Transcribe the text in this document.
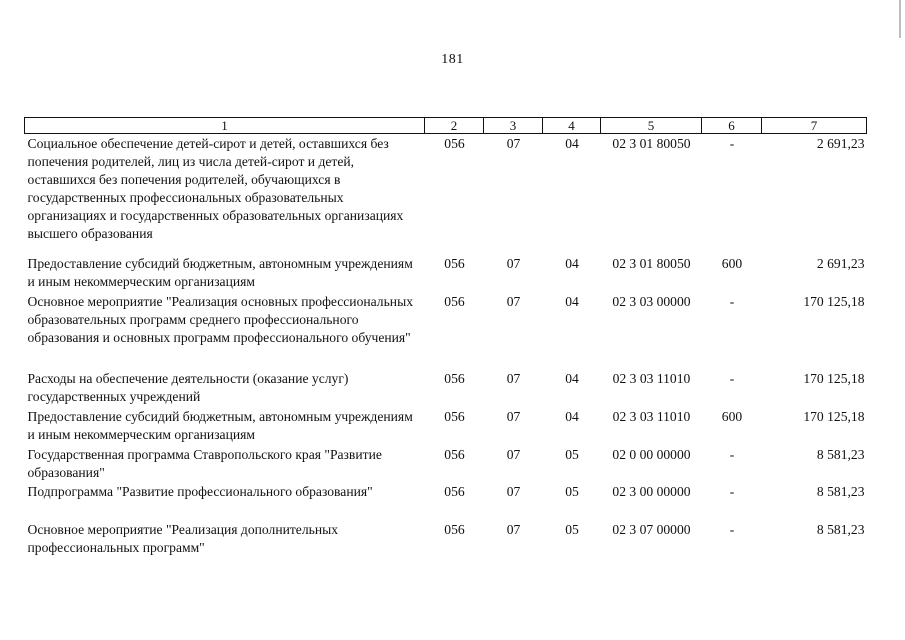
181
1	2	3	4	5	6	7
Социальное обеспечение детей-сирот и детей, оставшихся без попечения родителей, лиц из числа детей-сирот и детей, оставшихся без попечения родителей, обучающихся в государственных профессиональных образовательных организациях и государственных образовательных организациях высшего образования	056	07	04	02 3 01 80050	-	2 691,23
Предоставление субсидий бюджетным, автономным учреждениям и иным некоммерческим организациям	056	07	04	02 3 01 80050	600	2 691,23
Основное мероприятие "Реализация основных профессиональных образовательных программ среднего профессионального образования и основных программ профессионального обучения"	056	07	04	02 3 03 00000	-	170 125,18
Расходы на обеспечение деятельности (оказание услуг) государственных учреждений	056	07	04	02 3 03 11010	-	170 125,18
Предоставление субсидий бюджетным, автономным учреждениям и иным некоммерческим организациям	056	07	04	02 3 03 11010	600	170 125,18
Государственная программа Ставропольского края "Развитие образования"	056	07	05	02 0 00 00000	-	8 581,23
Подпрограмма "Развитие профессионального образования"	056	07	05	02 3 00 00000	-	8 581,23
Основное мероприятие "Реализация дополнительных профессиональных программ"	056	07	05	02 3 07 00000	-	8 581,23
